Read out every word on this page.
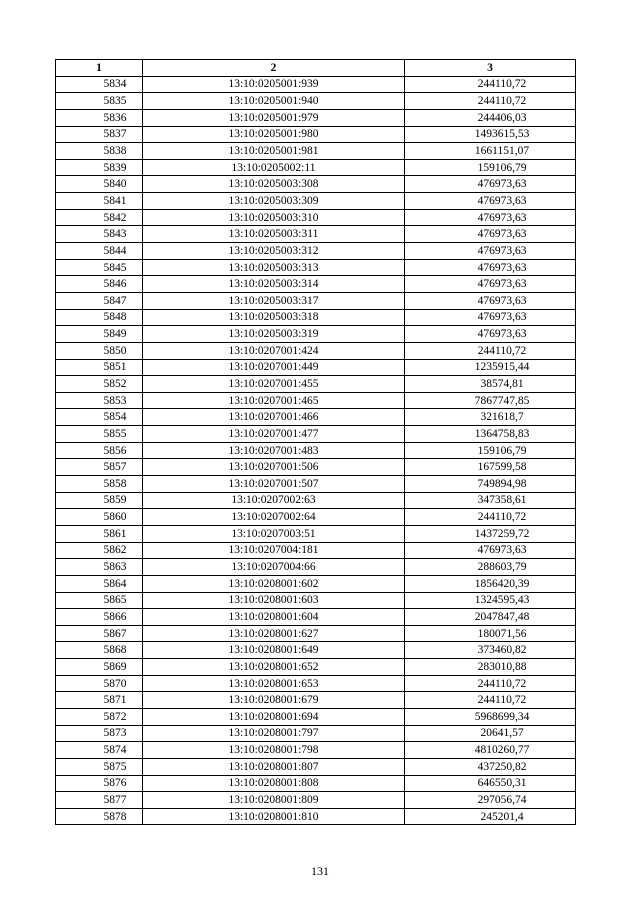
1	2	3
5834	13:10:0205001:939	244110,72
5835	13:10:0205001:940	244110,72
5836	13:10:0205001:979	244406,03
5837	13:10:0205001:980	1493615,53
5838	13:10:0205001:981	1661151,07
5839	13:10:0205002:11	159106,79
5840	13:10:0205003:308	476973,63
5841	13:10:0205003:309	476973,63
5842	13:10:0205003:310	476973,63
5843	13:10:0205003:311	476973,63
5844	13:10:0205003:312	476973,63
5845	13:10:0205003:313	476973,63
5846	13:10:0205003:314	476973,63
5847	13:10:0205003:317	476973,63
5848	13:10:0205003:318	476973,63
5849	13:10:0205003:319	476973,63
5850	13:10:0207001:424	244110,72
5851	13:10:0207001:449	1235915,44
5852	13:10:0207001:455	38574,81
5853	13:10:0207001:465	7867747,85
5854	13:10:0207001:466	321618,7
5855	13:10:0207001:477	1364758,83
5856	13:10:0207001:483	159106,79
5857	13:10:0207001:506	167599,58
5858	13:10:0207001:507	749894,98
5859	13:10:0207002:63	347358,61
5860	13:10:0207002:64	244110,72
5861	13:10:0207003:51	1437259,72
5862	13:10:0207004:181	476973,63
5863	13:10:0207004:66	288603,79
5864	13:10:0208001:602	1856420,39
5865	13:10:0208001:603	1324595,43
5866	13:10:0208001:604	2047847,48
5867	13:10:0208001:627	180071,56
5868	13:10:0208001:649	373460,82
5869	13:10:0208001:652	283010,88
5870	13:10:0208001:653	244110,72
5871	13:10:0208001:679	244110,72
5872	13:10:0208001:694	5968699,34
5873	13:10:0208001:797	20641,57
5874	13:10:0208001:798	4810260,77
5875	13:10:0208001:807	437250,82
5876	13:10:0208001:808	646550,31
5877	13:10:0208001:809	297056,74
5878	13:10:0208001:810	245201,4
131
